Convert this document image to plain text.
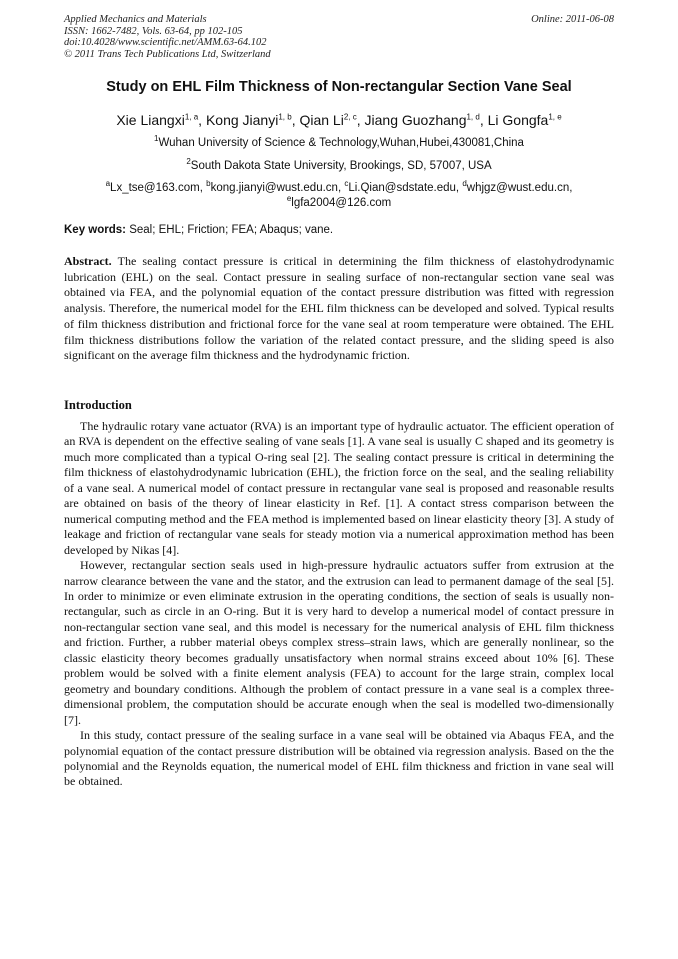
Applied Mechanics and Materials
ISSN: 1662-7482, Vols. 63-64, pp 102-105
doi:10.4028/www.scientific.net/AMM.63-64.102
© 2011 Trans Tech Publications Ltd, Switzerland
Online: 2011-06-08
Study on EHL Film Thickness of Non-rectangular Section Vane Seal
Xie Liangxi$^{1, a}$, Kong Jianyi$^{1, b}$, Qian Li$^{2, c}$, Jiang Guozhang$^{1, d}$, Li Gongfa$^{1, e}$
$^1$Wuhan University of Science & Technology,Wuhan,Hubei,430081,China
$^2$South Dakota State University, Brookings, SD, 57007, USA
$^a$Lx_tse@163.com, $^b$kong.jianyi@wust.edu.cn, $^c$Li.Qian@sdstate.edu, $^d$whjgz@wust.edu.cn,
$^e$lgfa2004@126.com
Key words: Seal; EHL; Friction; FEA; Abaqus; vane.
Abstract. The sealing contact pressure is critical in determining the film thickness of elastohydrodynamic lubrication (EHL) on the seal. Contact pressure in sealing surface of non-rectangular section vane seal was obtained via FEA, and the polynomial equation of the contact pressure distribution was fitted with regression analysis. Therefore, the numerical model for the EHL film thickness can be developed and solved. Typical results of film thickness distribution and frictional force for the vane seal at room temperature were obtained. The EHL film thickness distributions follow the variation of the related contact pressure, and the sliding speed is also significant on the average film thickness and the hydrodynamic friction.
Introduction

The hydraulic rotary vane actuator (RVA) is an important type of hydraulic actuator. The efficient operation of an RVA is dependent on the effective sealing of vane seals [1]. A vane seal is usually C shaped and its geometry is much more complicated than a typical O-ring seal [2]. The sealing contact pressure is critical in determining the film thickness of elastohydrodynamic lubrication (EHL), the friction force on the seal, and the sealing reliability of a vane seal. A numerical model of contact pressure in rectangular vane seal is proposed and reasonable results are obtained on basis of the theory of linear elasticity in Ref. [1]. A contact stress comparison between the numerical computing method and the FEA method is implemented based on linear elasticity theory [3]. A study of leakage and friction of rectangular vane seals for steady motion via a numerical approximation method has been developed by Nikas [4].

However, rectangular section seals used in high-pressure hydraulic actuators suffer from extrusion at the narrow clearance between the vane and the stator, and the extrusion can lead to permanent damage of the seal [5]. In order to minimize or even eliminate extrusion in the operating conditions, the section of seals is usually non-rectangular, such as circle in an O-ring. But it is very hard to develop a numerical model of contact pressure in non-rectangular section vane seal, and this model is necessary for the numerical analysis of EHL film thickness and friction. Further, a rubber material obeys complex stress–strain laws, which are generally nonlinear, so the classic elasticity theory becomes gradually unsatisfactory when normal strains exceed about 10% [6]. These problem would be solved with a finite element analysis (FEA) to account for the large strain, complex local geometry and boundary conditions. Although the problem of contact pressure in a vane seal is a complex three-dimensional problem, the computation should be accurate enough when the seal is modelled two-dimensionally [7].

In this study, contact pressure of the sealing surface in a vane seal will be obtained via Abaqus FEA, and the polynomial equation of the contact pressure distribution will be obtained via regression analysis. Based on the the polynomial and the Reynolds equation, the numerical model of EHL film thickness and friction in vane seal will be obtained.
